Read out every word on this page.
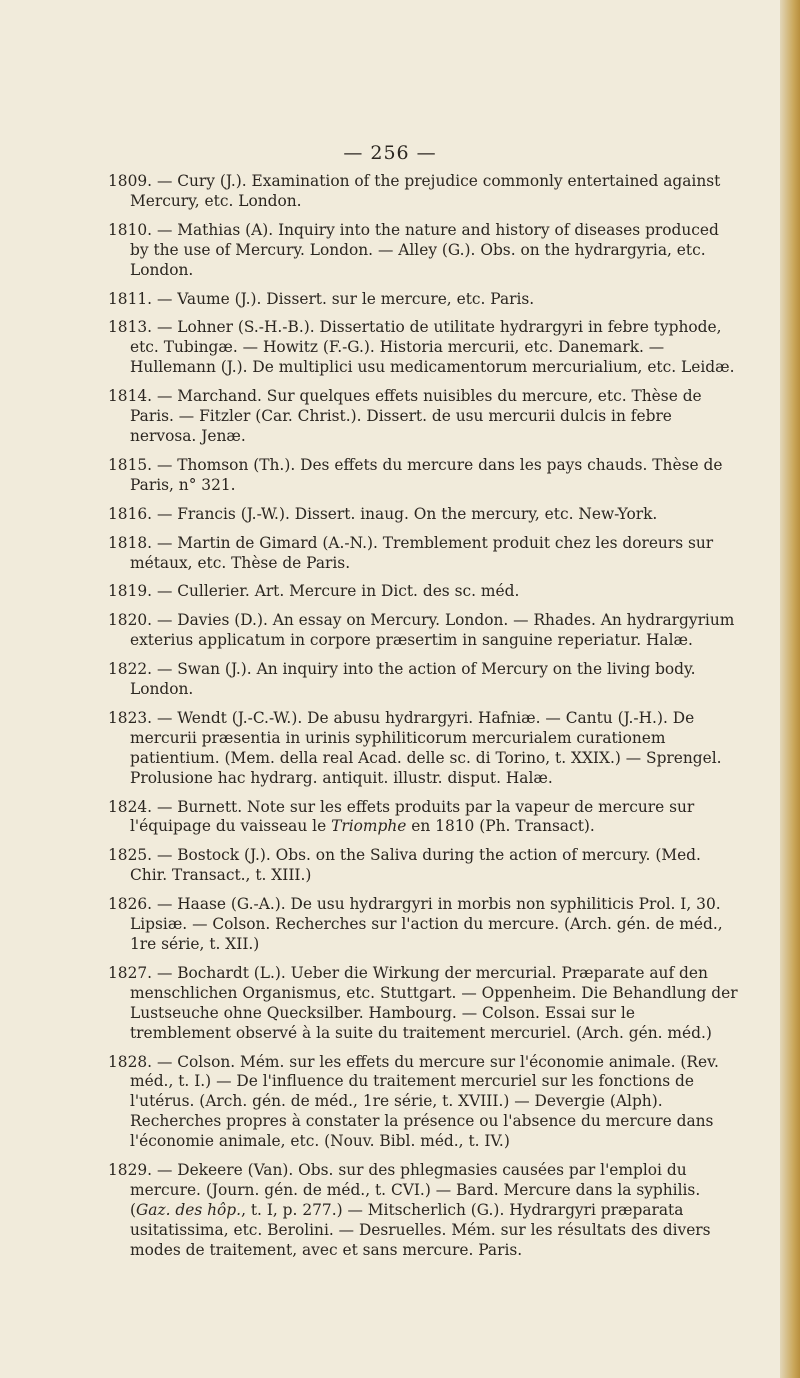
— 256 —
1809. — Cury (J.). Examination of the prejudice commonly entertained against Mercury, etc. London.
1810. — Mathias (A). Inquiry into the nature and history of diseases produced by the use of Mercury. London. — Alley (G.). Obs. on the hydrargyria, etc. London.
1811. — Vaume (J.). Dissert. sur le mercure, etc. Paris.
1813. — Lohner (S.-H.-B.). Dissertatio de utilitate hydrargyri in febre typhode, etc. Tubingæ. — Howitz (F.-G.). Historia mercurii, etc. Danemark. — Hullemann (J.). De multiplici usu medicamentorum mercurialium, etc. Leidæ.
1814. — Marchand. Sur quelques effets nuisibles du mercure, etc. Thèse de Paris. — Fitzler (Car. Christ.). Dissert. de usu mercurii dulcis in febre nervosa. Jenæ.
1815. — Thomson (Th.). Des effets du mercure dans les pays chauds. Thèse de Paris, n° 321.
1816. — Francis (J.-W.). Dissert. inaug. On the mercury, etc. New-York.
1818. — Martin de Gimard (A.-N.). Tremblement produit chez les doreurs sur métaux, etc. Thèse de Paris.
1819. — Cullerier. Art. Mercure in Dict. des sc. méd.
1820. — Davies (D.). An essay on Mercury. London. — Rhades. An hydrargyrium exterius applicatum in corpore præsertim in sanguine reperiatur. Halæ.
1822. — Swan (J.). An inquiry into the action of Mercury on the living body. London.
1823. — Wendt (J.-C.-W.). De abusu hydrargyri. Hafniæ. — Cantu (J.-H.). De mercurii præsentia in urinis syphiliticorum mercurialem curationem patientium. (Mem. della real Acad. delle sc. di Torino, t. XXIX.) — Sprengel. Prolusione hac hydrarg. antiquit. illustr. disput. Halæ.
1824. — Burnett. Note sur les effets produits par la vapeur de mercure sur l'équipage du vaisseau le Triomphe en 1810 (Ph. Transact).
1825. — Bostock (J.). Obs. on the Saliva during the action of mercury. (Med. Chir. Transact., t. XIII.)
1826. — Haase (G.-A.). De usu hydrargyri in morbis non syphiliticis Prol. I, 30. Lipsiæ. — Colson. Recherches sur l'action du mercure. (Arch. gén. de méd., 1re série, t. XII.)
1827. — Bochardt (L.). Ueber die Wirkung der mercurial. Præparate auf den menschlichen Organismus, etc. Stuttgart. — Oppenheim. Die Behandlung der Lustseuche ohne Quecksilber. Hambourg. — Colson. Essai sur le tremblement observé à la suite du traitement mercuriel. (Arch. gén. méd.)
1828. — Colson. Mém. sur les effets du mercure sur l'économie animale. (Rev. méd., t. I.) — De l'influence du traitement mercuriel sur les fonctions de l'utérus. (Arch. gén. de méd., 1re série, t. XVIII.) — Devergie (Alph). Recherches propres à constater la présence ou l'absence du mercure dans l'économie animale, etc. (Nouv. Bibl. méd., t. IV.)
1829. — Dekeere (Van). Obs. sur des phlegmasies causées par l'emploi du mercure. (Journ. gén. de méd., t. CVI.) — Bard. Mercure dans la syphilis. (Gaz. des hôp., t. I, p. 277.) — Mitscherlich (G.). Hydrargyri præparata usitatissima, etc. Berolini. — Desruelles. Mém. sur les résultats des divers modes de traitement, avec et sans mercure. Paris.
